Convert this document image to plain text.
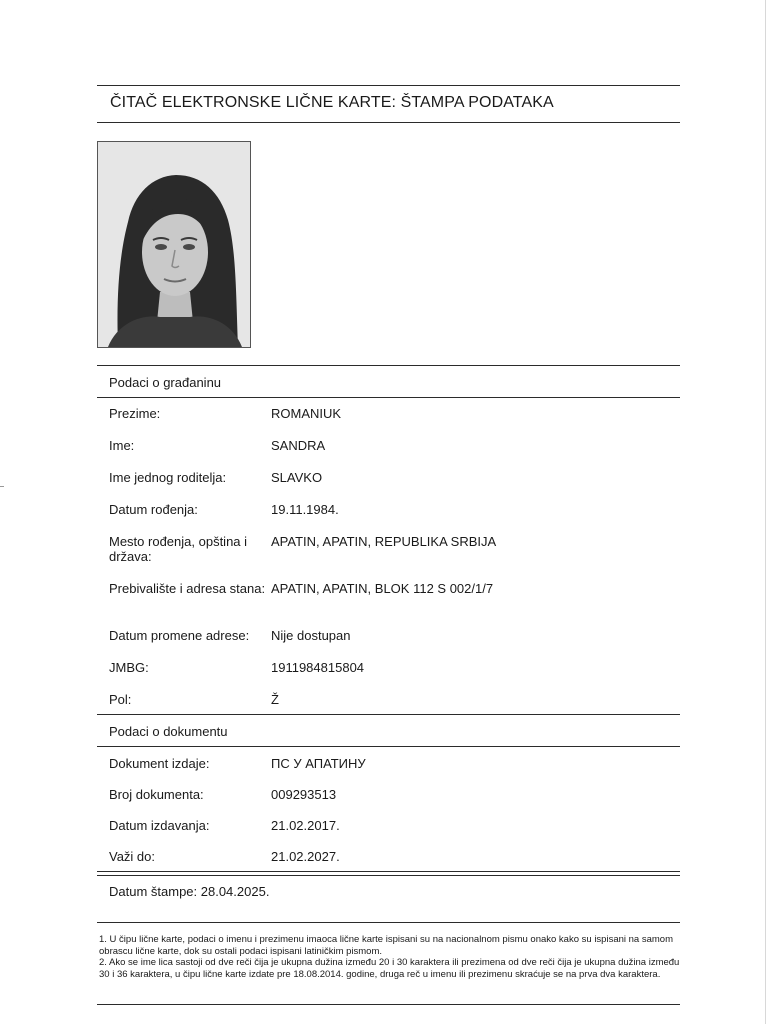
ČITAČ ELEKTRONSKE LIČNE KARTE: ŠTAMPA PODATAKA
Podaci o građaninu
Prezime:	ROMANIUK
Ime:	SANDRA
Ime jednog roditelja:	SLAVKO
Datum rođenja:	19.11.1984.
Mesto rođenja, opština i država:
APATIN, APATIN, REPUBLIKA SRBIJA
Prebivalište i adresa stana: APATIN, APATIN, BLOK 112 S 002/1/7
Datum promene adrese:	Nije dostupan
JMBG:	1911984815804
Pol:	Ž
Podaci o dokumentu
Dokument izdaje:	ПС У АПАТИНУ
Broj dokumenta:	009293513
Datum izdavanja:	21.02.2017.
Važi do:	21.02.2027.
Datum štampe: 28.04.2025.

1. U čipu lične karte, podaci o imenu i prezimenu imaoca lične karte ispisani su na nacionalnom pismu onako kako su ispisani na samom obrascu lične karte, dok su ostali podaci ispisani latiničkim pismom.

2. Ako se ime lica sastoji od dve reči čija je ukupna dužina između 20 i 30 karaktera ili prezimena od dve reči čija je ukupna dužina između 30 i 36 karaktera, u čipu lične karte izdate pre 18.08.2014. godine, druga reč u imenu ili prezimenu skraćuje se na prva dva karaktera.
